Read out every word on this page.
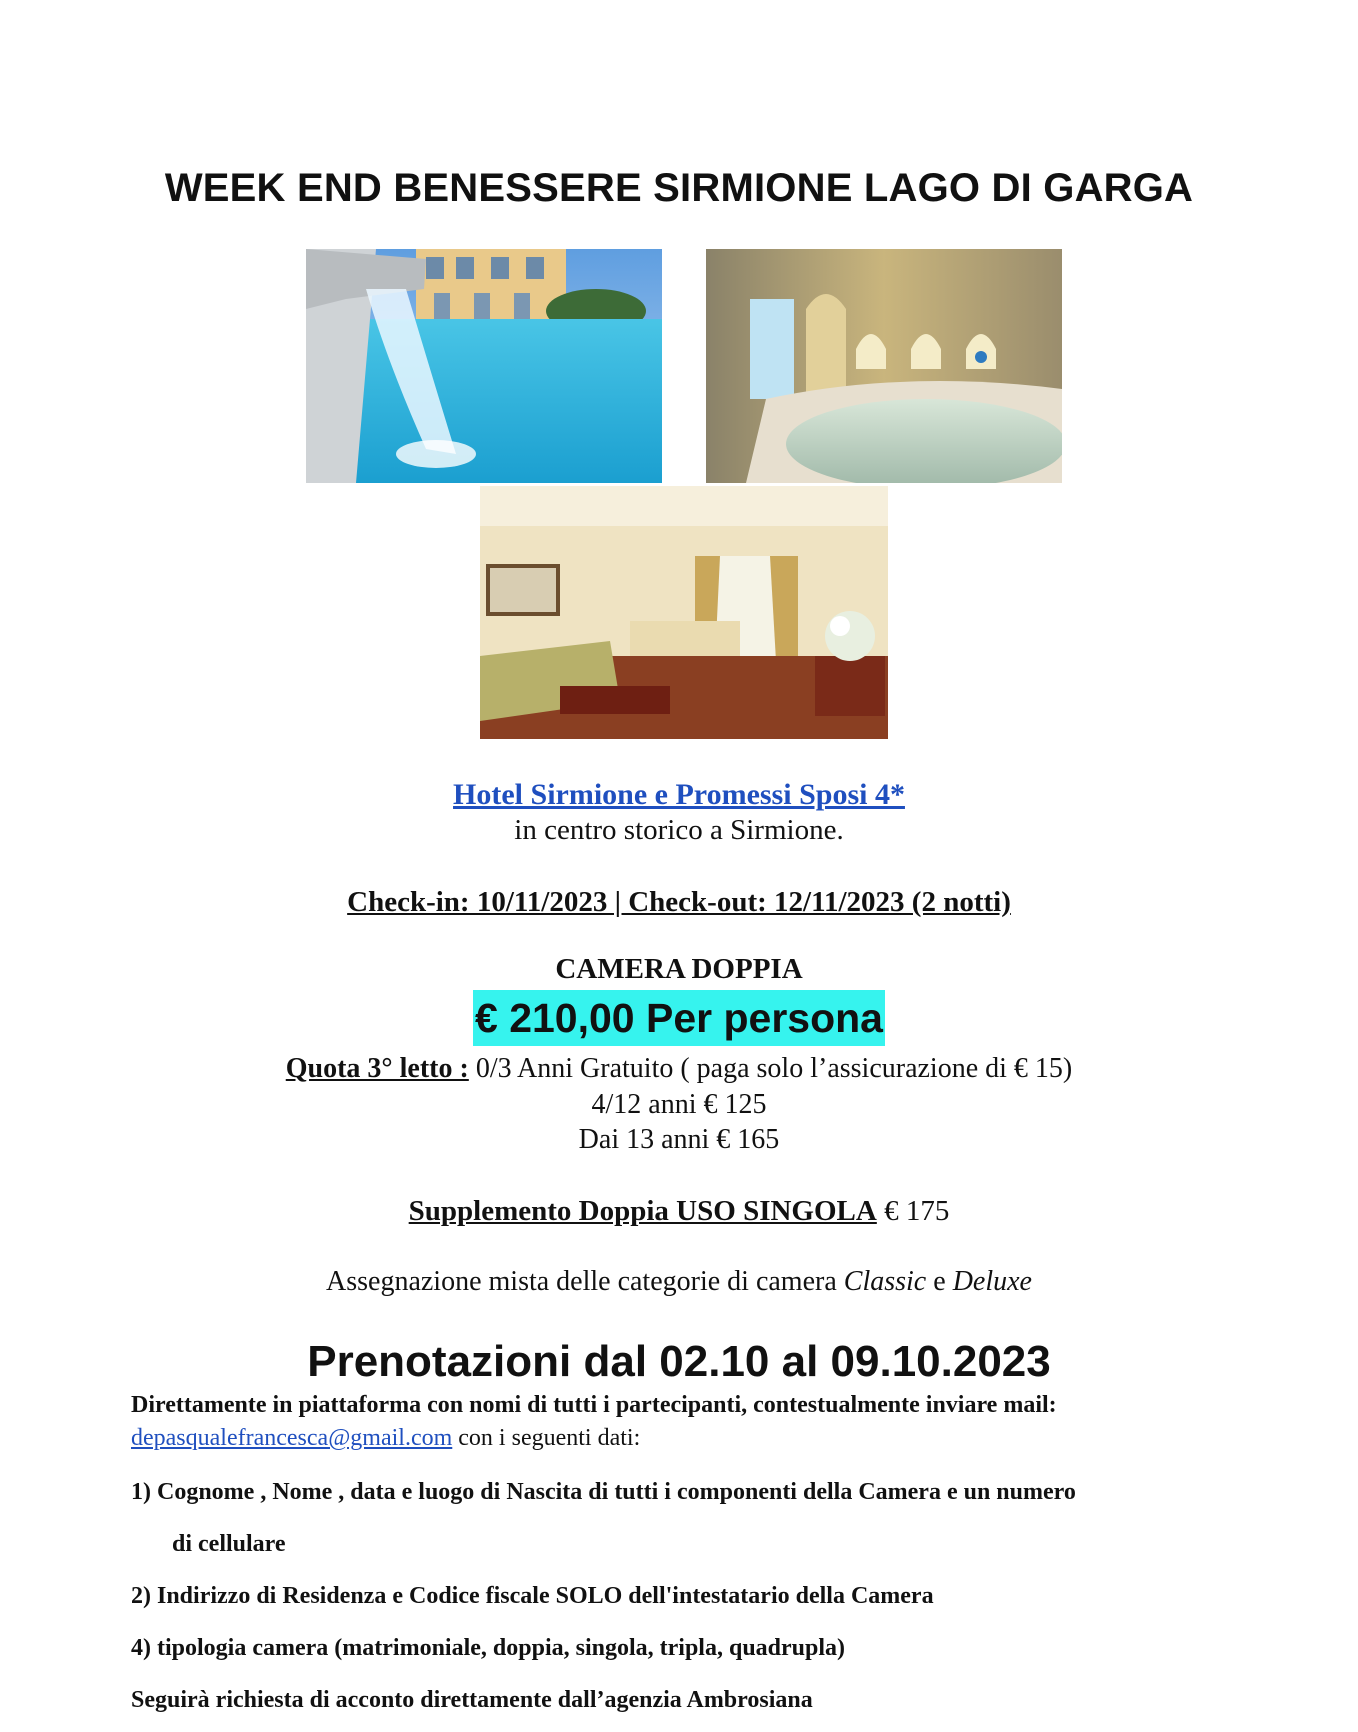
WEEK END BENESSERE SIRMIONE LAGO DI GARGA
Hotel Sirmione e Promessi Sposi 4*
in centro storico a Sirmione.
Check-in: 10/11/2023 | Check-out: 12/11/2023 (2 notti)
CAMERA DOPPIA
€ 210,00 Per persona
Quota 3° letto : 0/3 Anni Gratuito ( paga solo l’assicurazione di € 15)
4/12 anni € 125
Dai 13 anni € 165
Supplemento Doppia USO SINGOLA € 175
Assegnazione mista delle categorie di camera Classic e Deluxe
Prenotazioni dal 02.10 al 09.10.2023
Direttamente in piattaforma con nomi di tutti i partecipanti, contestualmente inviare mail:
depasqualefrancesca@gmail.com con i seguenti dati:
1) Cognome , Nome , data e luogo di Nascita di tutti i componenti della Camera e un numero
di cellulare
2) Indirizzo di Residenza e Codice fiscale SOLO dell'intestatario della Camera
4) tipologia camera (matrimoniale, doppia, singola, tripla, quadrupla)
Seguirà richiesta di acconto direttamente dall’agenzia Ambrosiana
